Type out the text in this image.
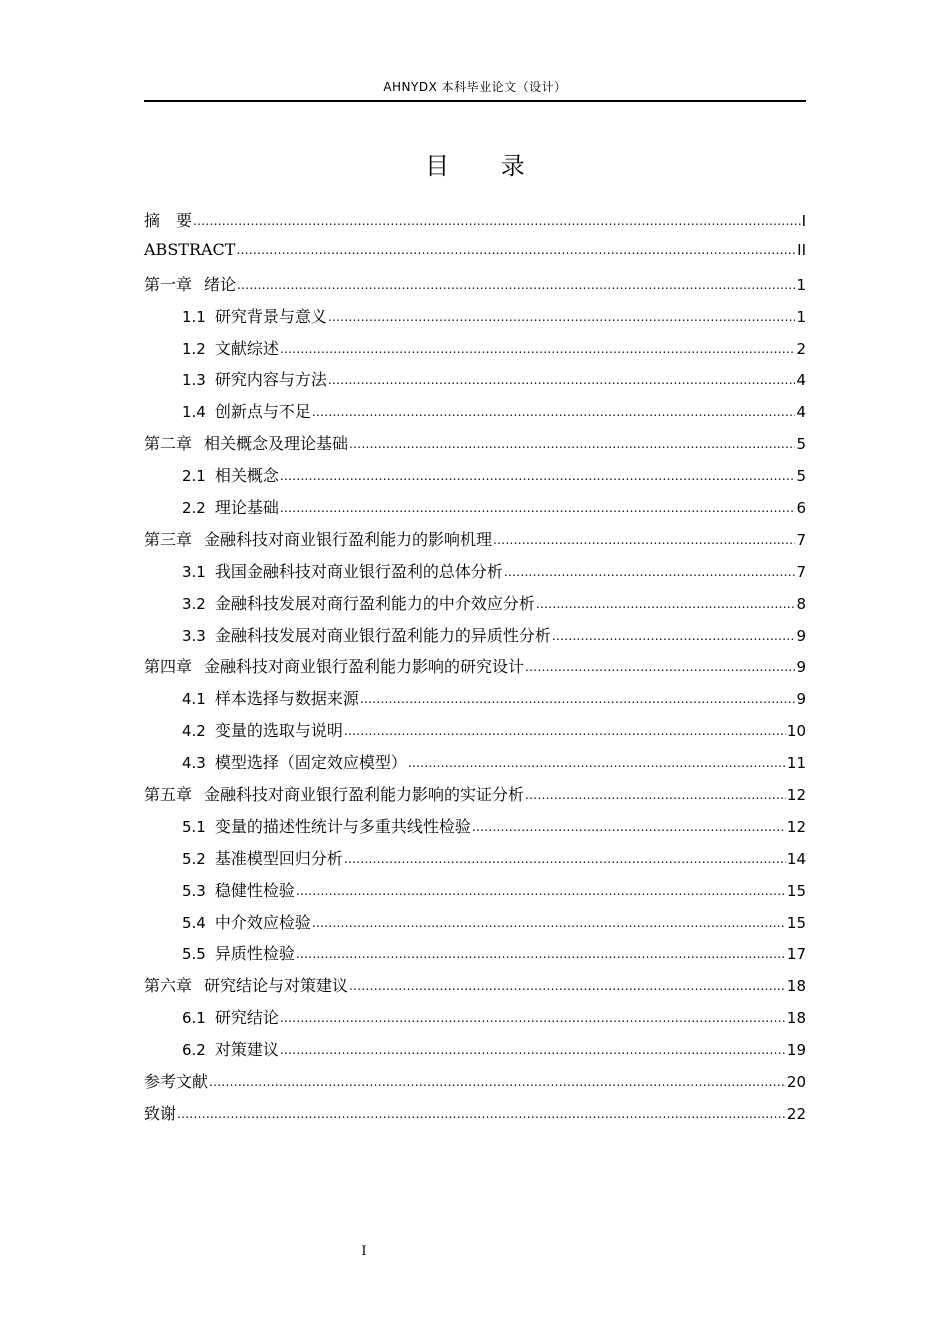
AHNYDX 本科毕业论文（设计）
目 录
摘 要 .....	I
ABSTRACT .....	II
第一章 绪论 .....	1
1.1 研究背景与意义 .....	1
1.2 文献综述 .....	2
1.3 研究内容与方法 .....	4
1.4 创新点与不足 .....	4
第二章 相关概念及理论基础 .....	5
2.1 相关概念 .....	5
2.2 理论基础 .....	6
第三章 金融科技对商业银行盈利能力的影响机理 .....	7
3.1 我国金融科技对商业银行盈利的总体分析 .....	7
3.2 金融科技发展对商行盈利能力的中介效应分析 .....	8
3.3 金融科技发展对商业银行盈利能力的异质性分析 .....	9
第四章 金融科技对商业银行盈利能力影响的研究设计 .....	9
4.1 样本选择与数据来源 .....	9
4.2 变量的选取与说明 .....	10
4.3 模型选择（固定效应模型） .....	11
第五章 金融科技对商业银行盈利能力影响的实证分析 .....	12
5.1 变量的描述性统计与多重共线性检验 .....	12
5.2 基准模型回归分析 .....	14
5.3 稳健性检验 .....	15
5.4 中介效应检验 .....	15
5.5 异质性检验 .....	17
第六章 研究结论与对策建议 .....	18
6.1 研究结论 .....	18
6.2 对策建议 .....	19
参考文献 .....	20
致谢 .....	22
I
